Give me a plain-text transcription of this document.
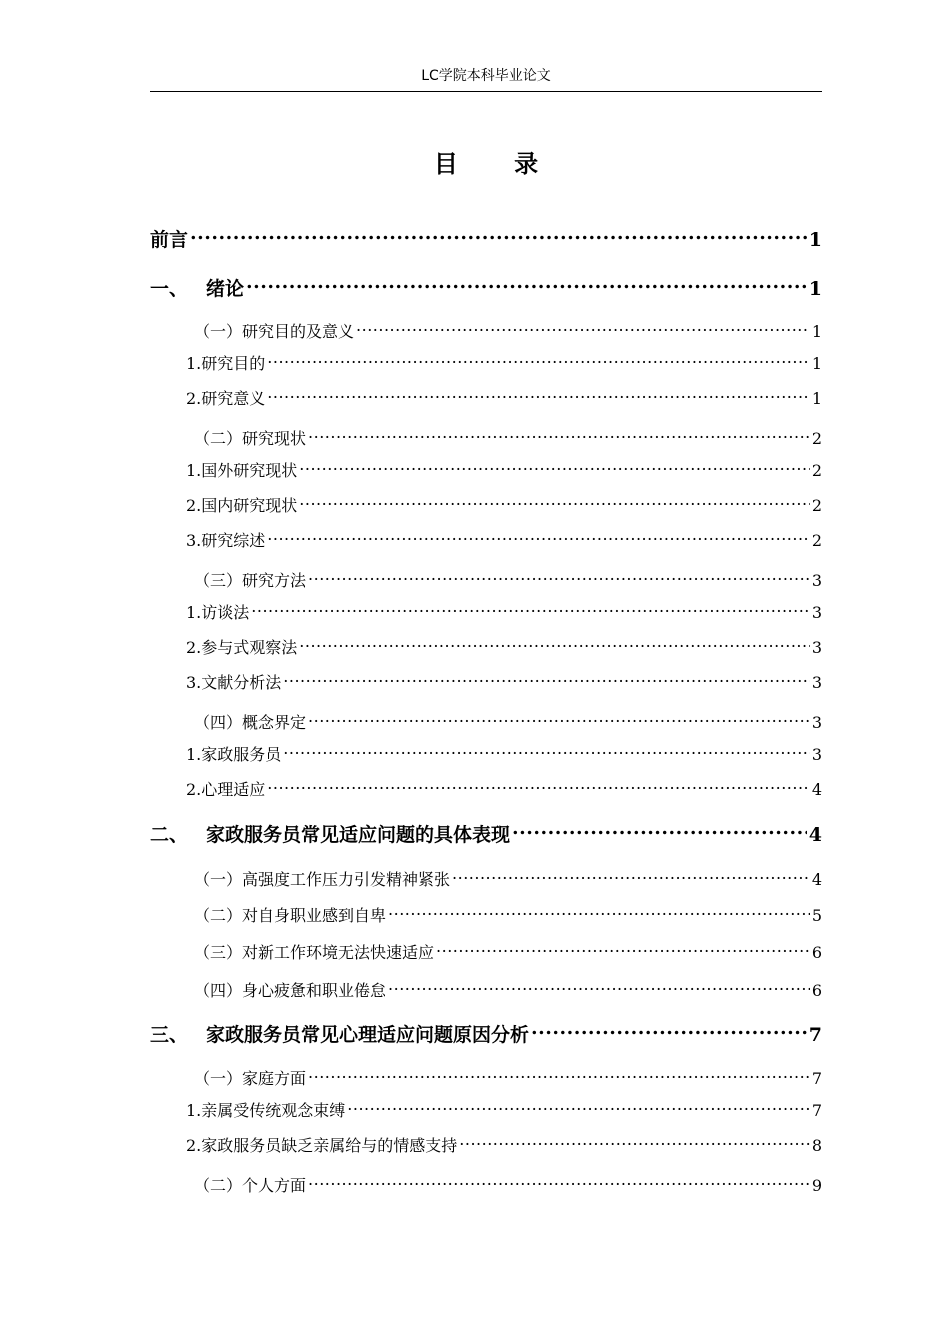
LC学院本科毕业论文
目 录
前言 .....	1
一、 绪论 .....	1
（一）研究目的及意义 .....	1
1.研究目的 .....	1
2.研究意义 .....	1
（二）研究现状 .....	2
1.国外研究现状 .....	2
2.国内研究现状 .....	2
3.研究综述 .....	2
（三）研究方法 .....	3
1.访谈法 .....	3
2.参与式观察法 .....	3
3.文献分析法 .....	3
（四）概念界定 .....	3
1.家政服务员 .....	3
2.心理适应 .....	4
二、 家政服务员常见适应问题的具体表现 .....	4
（一）高强度工作压力引发精神紧张 .....	4
（二）对自身职业感到自卑 .....	5
（三）对新工作环境无法快速适应 .....	6
（四）身心疲惫和职业倦怠 .....	6
三、 家政服务员常见心理适应问题原因分析 .....	7
（一）家庭方面 .....	7
1.亲属受传统观念束缚 .....	7
2.家政服务员缺乏亲属给与的情感支持 .....	8
（二）个人方面 .....	9
